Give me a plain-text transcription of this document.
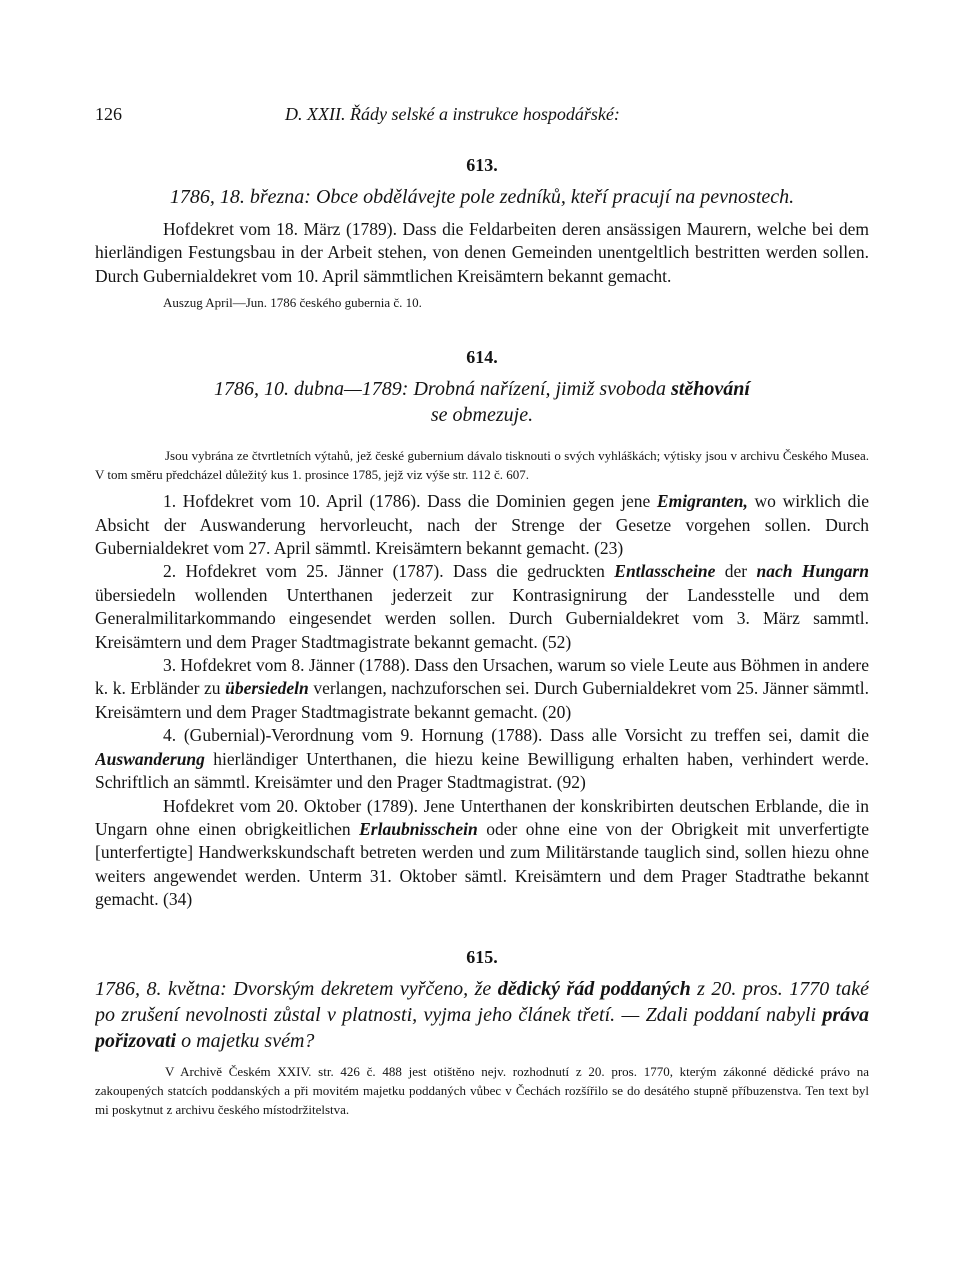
126	D. XXII. Řády selské a instrukce hospodářské:
613.
1786, 18. března: Obce obdělávejte pole zedníků, kteří pracují na pevnostech.

Hofdekret vom 18. März (1789). Dass die Feldarbeiten deren ansässigen Maurern, welche bei dem hierländigen Festungsbau in der Arbeit stehen, von denen Gemeinden unentgeltlich bestritten werden sollen. Durch Gubernialdekret vom 10. April sämmtlichen Kreisämtern bekannt gemacht.

Auszug April—Jun. 1786 českého gubernia č. 10.

614.
1786, 10. dubna—1789: Drobná nařízení, jimiž svoboda stěhování
se obmezuje.

Jsou vybrána ze čtvrtletních výtahů, jež české gubernium dávalo tisknouti o svých vyhláškách; výtisky jsou v archivu Českého Musea. V tom směru předcházel důležitý kus 1. prosince 1785, jejž viz výše str. 112 č. 607.

1. Hofdekret vom 10. April (1786). Dass die Dominien gegen jene Emigranten, wo wirklich die Absicht der Auswanderung hervorleucht, nach der Strenge der Gesetze vorgehen sollen. Durch Gubernialdekret vom 27. April sämmtl. Kreisämtern bekannt gemacht. (23)

2. Hofdekret vom 25. Jänner (1787). Dass die gedruckten Entlasscheine der nach Hungarn übersiedeln wollenden Unterthanen jederzeit zur Kontrasignirung der Landesstelle und dem Generalmilitarkommando eingesendet werden sollen. Durch Gubernialdekret vom 3. März sammtl. Kreisämtern und dem Prager Stadtmagistrate bekannt gemacht. (52)

3. Hofdekret vom 8. Jänner (1788). Dass den Ursachen, warum so viele Leute aus Böhmen in andere k. k. Erbländer zu übersiedeln verlangen, nachzuforschen sei. Durch Gubernialdekret vom 25. Jänner sämmtl. Kreisämtern und dem Prager Stadtmagistrate bekannt gemacht. (20)

4. (Gubernial)-Verordnung vom 9. Hornung (1788). Dass alle Vorsicht zu treffen sei, damit die Auswanderung hierländiger Unterthanen, die hiezu keine Bewilligung erhalten haben, verhindert werde. Schriftlich an sämmtl. Kreisämter und den Prager Stadtmagistrat. (92)

Hofdekret vom 20. Oktober (1789). Jene Unterthanen der konskribirten deutschen Erblande, die in Ungarn ohne einen obrigkeitlichen Erlaubnisschein oder ohne eine von der Obrigkeit mit unverfertigte [unterfertigte] Handwerkskundschaft betreten werden und zum Militärstande tauglich sind, sollen hiezu ohne weiters angewendet werden. Unterm 31. Oktober sämtl. Kreisämtern und dem Prager Stadtrathe bekannt gemacht. (34)

615.
1786, 8. května: Dvorským dekretem vyřčeno, že dědický řád poddaných z 20. pros. 1770 také po zrušení nevolnosti zůstal v platnosti, vyjma jeho článek třetí. — Zdali poddaní nabyli práva pořizovati o majetku svém?

V Archivě Českém XXIV. str. 426 č. 488 jest otištěno nejv. rozhodnutí z 20. pros. 1770, kterým zákonné dědické právo na zakoupených statcích poddanských a při movitém majetku poddaných vůbec v Čechách rozšířilo se do desátého stupně příbuzenstva. Ten text byl mi poskytnut z archivu českého místodržitelstva.
